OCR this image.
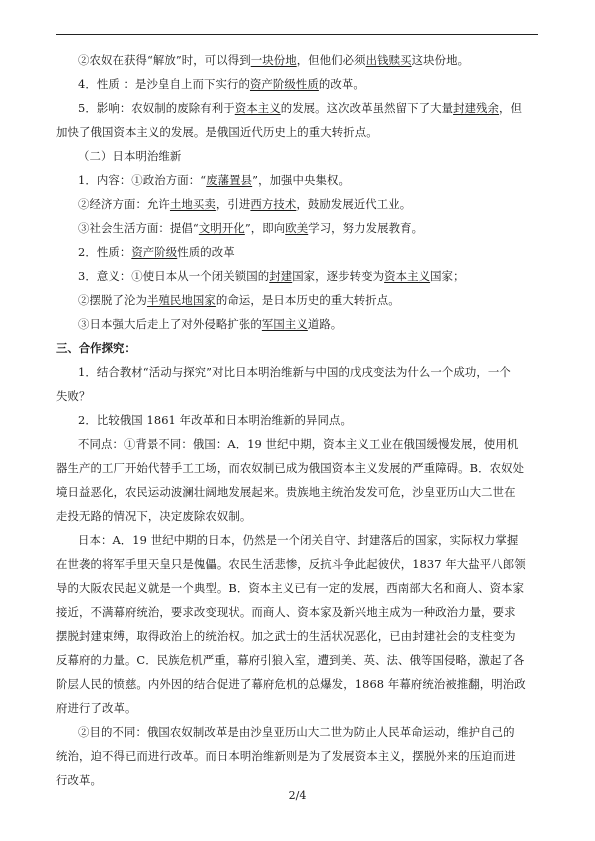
②农奴在获得“解放”时，可以得到一块份地，但他们必须出钱赎买这块份地。

4．性质 ：是沙皇自上而下实行的资产阶级性质的改革。

5．影响：农奴制的废除有利于资本主义的发展。这次改革虽然留下了大量封建残余，但

加快了俄国资本主义的发展。是俄国近代历史上的重大转折点。

（二）日本明治维新

1．内容：①政治方面：“废藩置县”，加强中央集权。

②经济方面：允许土地买卖，引进西方技术，鼓励发展近代工业。

③社会生活方面：提倡“文明开化”，即向欧美学习，努力发展教育。

2．性质：资产阶级性质的改革

3．意义：①使日本从一个闭关锁国的封建国家，逐步转变为资本主义国家；

②摆脱了沦为半殖民地国家的命运，是日本历史的重大转折点。

③日本强大后走上了对外侵略扩张的军国主义道路。

三、合作探究：

1．结合教材“活动与探究”对比日本明治维新与中国的戊戌变法为什么一个成功，一个

失败？

2．比较俄国 1861 年改革和日本明治维新的异同点。

不同点：①背景不同：俄国：A．19 世纪中期，资本主义工业在俄国缓慢发展，使用机

器生产的工厂开始代替手工工场，而农奴制已成为俄国资本主义发展的严重障碍。B．农奴处

境日益恶化，农民运动波澜壮阔地发展起来。贵族地主统治发发可危，沙皇亚历山大二世在

走投无路的情况下，决定废除农奴制。

日本：A．19 世纪中期的日本，仍然是一个闭关自守、封建落后的国家，实际权力掌握

在世袭的将军手里天皇只是傀儡。农民生活悲惨，反抗斗争此起彼伏，1837 年大盐平八郎领

导的大阪农民起义就是一个典型。B．资本主义已有一定的发展，西南部大名和商人、资本家

接近，不满幕府统治，要求改变现状。而商人、资本家及新兴地主成为一种政治力量，要求

摆脱封建束缚，取得政治上的统治权。加之武士的生活状况恶化，已由封建社会的支柱变为

反幕府的力量。C．民族危机严重，幕府引狼入室，遭到美、英、法、俄等国侵略，激起了各

阶层人民的愤慈。内外因的结合促进了幕府危机的总爆发，1868 年幕府统治被推翻，明治政

府进行了改革。

②目的不同：俄国农奴制改革是由沙皇亚历山大二世为防止人民革命运动，维护自己的

统治，迫不得已而进行改革。而日本明治维新则是为了发展资本主义，摆脱外来的压迫而进

行改革。

2/4
